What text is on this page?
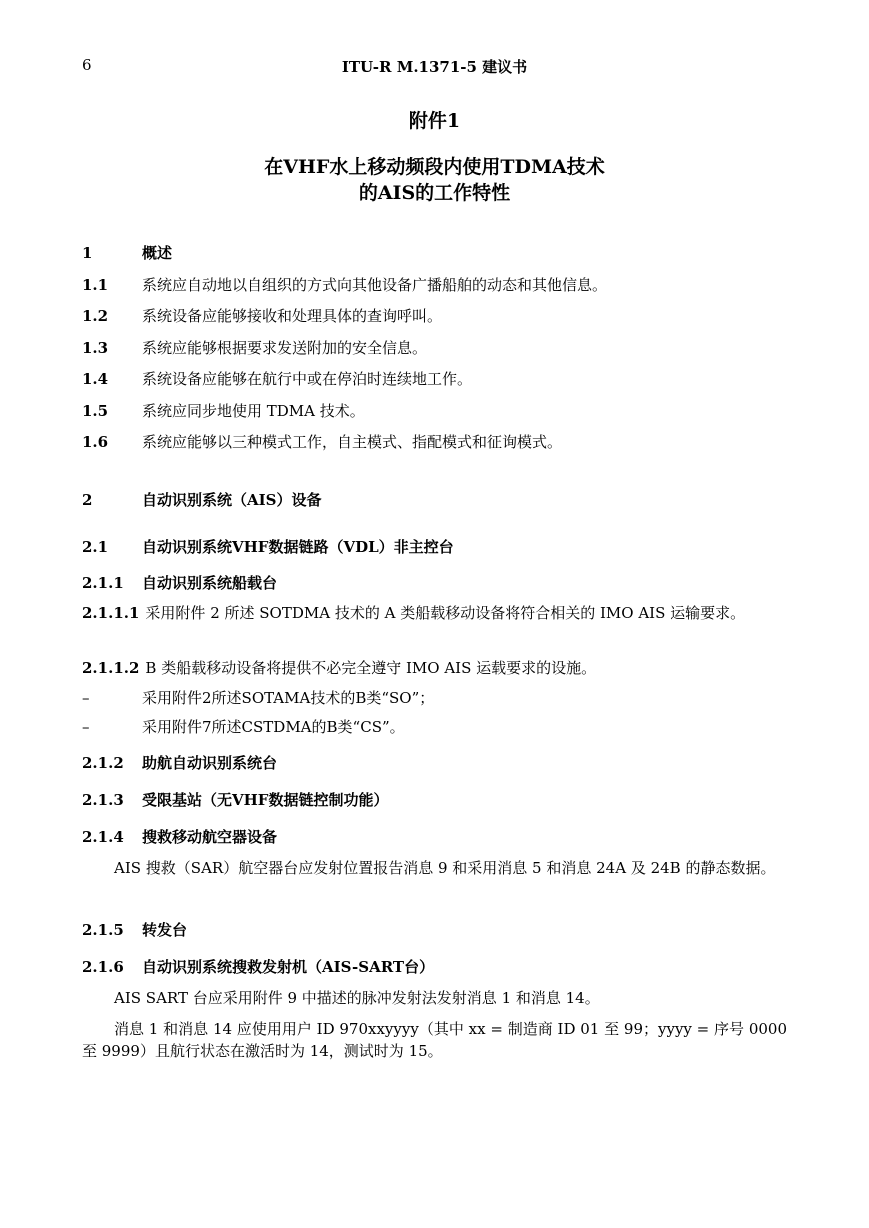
6	ITU-R M.1371-5 建议书
附件1
在VHF水上移动频段内使用TDMA技术
的AIS的工作特性
1	概述
1.1 系统应自动地以自组织的方式向其他设备广播船舶的动态和其他信息。
1.2 系统设备应能够接收和处理具体的查询呼叫。
1.3 系统应能够根据要求发送附加的安全信息。
1.4 系统设备应能够在航行中或在停泊时连续地工作。
1.5 系统应同步地使用 TDMA 技术。
1.6 系统应能够以三种模式工作，自主模式、指配模式和征询模式。
2	自动识别系统（AIS）设备
2.1 自动识别系统VHF数据链路（VDL）非主控台
2.1.1 自动识别系统船载台
2.1.1.1 采用附件 2 所述 SOTDMA 技术的 A 类船载移动设备将符合相关的 IMO AIS 运输要求。
2.1.1.2 B 类船载移动设备将提供不必完全遵守 IMO AIS 运载要求的设施。
–	采用附件2所述SOTAMA技术的B类“SO”；
–	采用附件7所述CSTDMA的B类“CS”。
2.1.2 助航自动识别系统台
2.1.3 受限基站（无VHF数据链控制功能）
2.1.4 搜救移动航空器设备
AIS 搜救（SAR）航空器台应发射位置报告消息 9 和采用消息 5 和消息 24A 及 24B 的静态数据。
2.1.5 转发台
2.1.6 自动识别系统搜救发射机（AIS-SART台）
AIS SART 台应采用附件 9 中描述的脉冲发射法发射消息 1 和消息 14。
消息 1 和消息 14 应使用用户 ID 970xxyyyy（其中 xx = 制造商 ID 01 至 99；yyyy = 序号 0000 至 9999）且航行状态在激活时为 14，测试时为 15。
